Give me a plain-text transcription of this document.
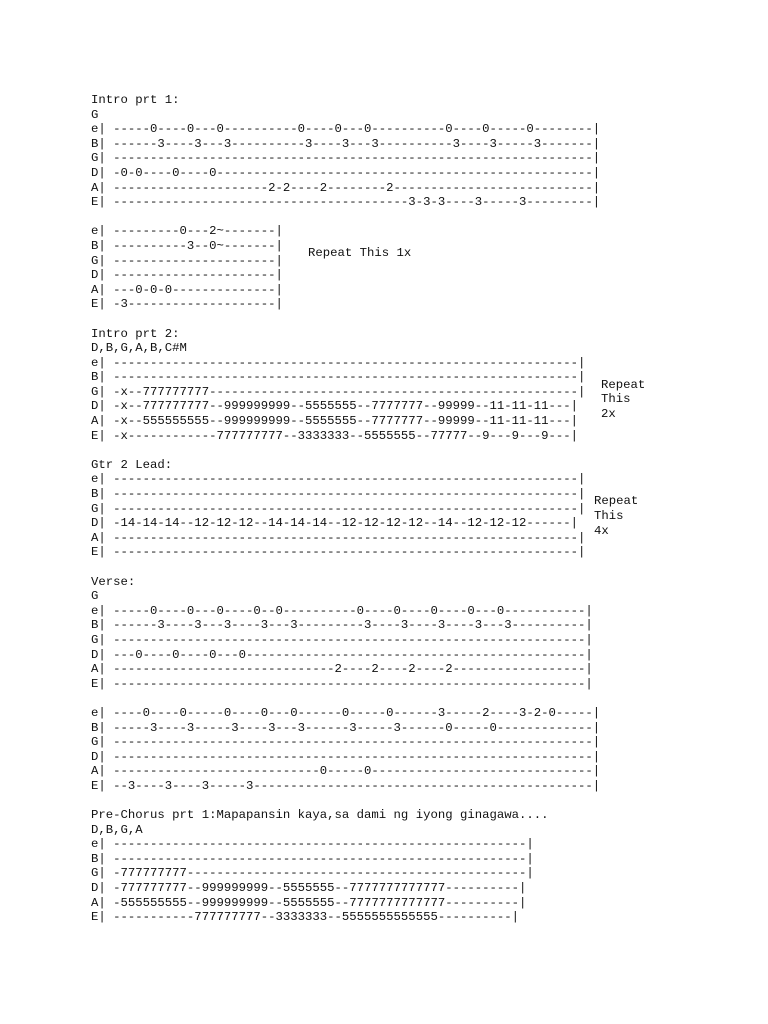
Intro prt 1:
G
e| -----0----0---0----------0----0---0----------0----0-----0--------|
B| ------3----3---3----------3----3---3----------3----3-----3-------|
G| -----------------------------------------------------------------|
D| -0-0----0----0---------------------------------------------------|
A| ---------------------2-2----2--------2---------------------------|
E| ----------------------------------------3-3-3----3-----3---------|
e| ---------0---2~-------|
B| ----------3--0~-------|
G| ----------------------|
D| ----------------------|
A| ---0-0-0--------------|
E| -3--------------------|
Repeat This 1x
Intro prt 2:
D,B,G,A,B,C#M
e| ---------------------------------------------------------------|
B| ---------------------------------------------------------------|
G| -x--777777777--------------------------------------------------|
D| -x--777777777--999999999--5555555--7777777--99999--11-11-11---|
A| -x--555555555--999999999--5555555--7777777--99999--11-11-11---|
E| -x------------777777777--3333333--5555555--77777--9---9---9---|
Repeat
This
2x
Gtr 2 Lead:
e| ---------------------------------------------------------------|
B| ---------------------------------------------------------------|
G| ---------------------------------------------------------------|
D| -14-14-14--12-12-12--14-14-14--12-12-12-12--14--12-12-12------|
A| ---------------------------------------------------------------|
E| ---------------------------------------------------------------|
Repeat
This
4x
Verse:
G
e| -----0----0---0----0--0----------0----0----0----0---0-----------|
B| ------3----3---3----3---3---------3----3----3----3---3----------|
G| ----------------------------------------------------------------|
D| ---0----0----0---0----------------------------------------------|
A| ------------------------------2----2----2----2------------------|
E| ----------------------------------------------------------------|
e| ----0----0-----0----0---0------0-----0------3-----2----3-2-0-----|
B| -----3----3-----3----3---3------3-----3------0-----0-------------|
G| -----------------------------------------------------------------|
D| -----------------------------------------------------------------|
A| ----------------------------0-----0------------------------------|
E| --3----3----3-----3----------------------------------------------|
Pre-Chorus prt 1:Mapapansin kaya,sa dami ng iyong ginagawa....
D,B,G,A
e| --------------------------------------------------------|
B| --------------------------------------------------------|
G| -777777777----------------------------------------------|
D| -777777777--999999999--5555555--7777777777777----------|
A| -555555555--999999999--5555555--7777777777777----------|
E| -----------777777777--3333333--5555555555555----------|
